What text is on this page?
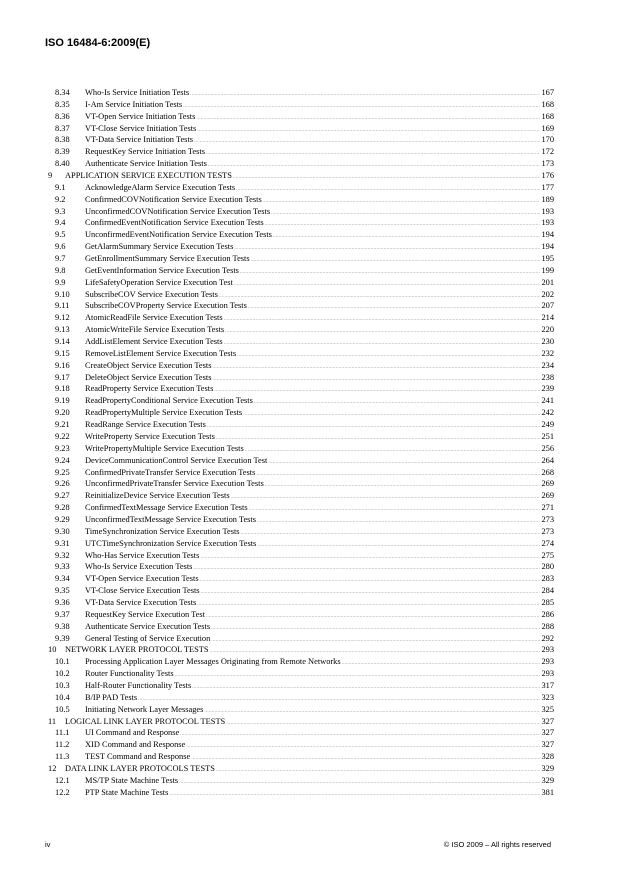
ISO 16484-6:2009(E)
8.34	Who-Is Service Initiation Tests .....	167
8.35	I-Am Service Initiation Tests .....	168
8.36	VT-Open Service Initiation Tests .....	168
8.37	VT-Close Service Initiation Tests .....	169
8.38	VT-Data Service Initiation Tests .....	170
8.39	RequestKey Service Initiation Tests .....	172
8.40	Authenticate Service Initiation Tests .....	173
9	APPLICATION SERVICE EXECUTION TESTS .....	176
9.1	AcknowledgeAlarm Service Execution Tests .....	177
9.2	ConfirmedCOVNotification Service Execution Tests .....	189
9.3	UnconfirmedCOVNotification Service Execution Tests .....	193
9.4	ConfirmedEventNotification Service Execution Tests .....	193
9.5	UnconfirmedEventNotification Service Execution Tests .....	194
9.6	GetAlarmSummary Service Execution Tests .....	194
9.7	GetEnrollmentSummary Service Execution Tests .....	195
9.8	GetEventInformation Service Execution Tests .....	199
9.9	LifeSafetyOperation Service Execution Test .....	201
9.10	SubscribeCOV Service Execution Tests .....	202
9.11	SubscribeCOVProperty Service Execution Tests .....	207
9.12	AtomicReadFile Service Execution Tests .....	214
9.13	AtomicWriteFile Service Execution Tests .....	220
9.14	AddListElement Service Execution Tests .....	230
9.15	RemoveListElement Service Execution Tests .....	232
9.16	CreateObject Service Execution Tests .....	234
9.17	DeleteObject Service Execution Tests .....	238
9.18	ReadProperty Service Execution Tests .....	239
9.19	ReadPropertyConditional Service Execution Tests .....	241
9.20	ReadPropertyMultiple Service Execution Tests .....	242
9.21	ReadRange Service Execution Tests .....	249
9.22	WriteProperty Service Execution Tests .....	251
9.23	WritePropertyMultiple Service Execution Tests .....	256
9.24	DeviceCommunicationControl Service Execution Test .....	264
9.25	ConfirmedPrivateTransfer Service Execution Tests .....	268
9.26	UnconfirmedPrivateTransfer Service Execution Tests .....	269
9.27	ReinitializeDevice Service Execution Tests .....	269
9.28	ConfirmedTextMessage Service Execution Tests .....	271
9.29	UnconfirmedTextMessage Service Execution Tests .....	273
9.30	TimeSynchronization Service Execution Tests .....	273
9.31	UTCTimeSynchronization Service Execution Tests .....	274
9.32	Who-Has Service Execution Tests .....	275
9.33	Who-Is Service Execution Tests .....	280
9.34	VT-Open Service Execution Tests .....	283
9.35	VT-Close Service Execution Tests .....	284
9.36	VT-Data Service Execution Tests .....	285
9.37	RequestKey Service Execution Test .....	286
9.38	Authenticate Service Execution Tests .....	288
9.39	General Testing of Service Execution .....	292
10	NETWORK LAYER PROTOCOL TESTS .....	293
10.1	Processing Application Layer Messages Originating from Remote Networks .....	293
10.2	Router Functionality Tests .....	293
10.3	Half-Router Functionality Tests .....	317
10.4	B/IP PAD Tests .....	323
10.5	Initiating Network Layer Messages .....	325
11	LOGICAL LINK LAYER PROTOCOL TESTS .....	327
11.1	UI Command and Response .....	327
11.2	XID Command and Response .....	327
11.3	TEST Command and Response .....	328
12	DATA LINK LAYER PROTOCOLS TESTS .....	329
12.1	MS/TP State Machine Tests .....	329
12.2	PTP State Machine Tests .....	381
iv	© ISO 2009 – All rights reserved
